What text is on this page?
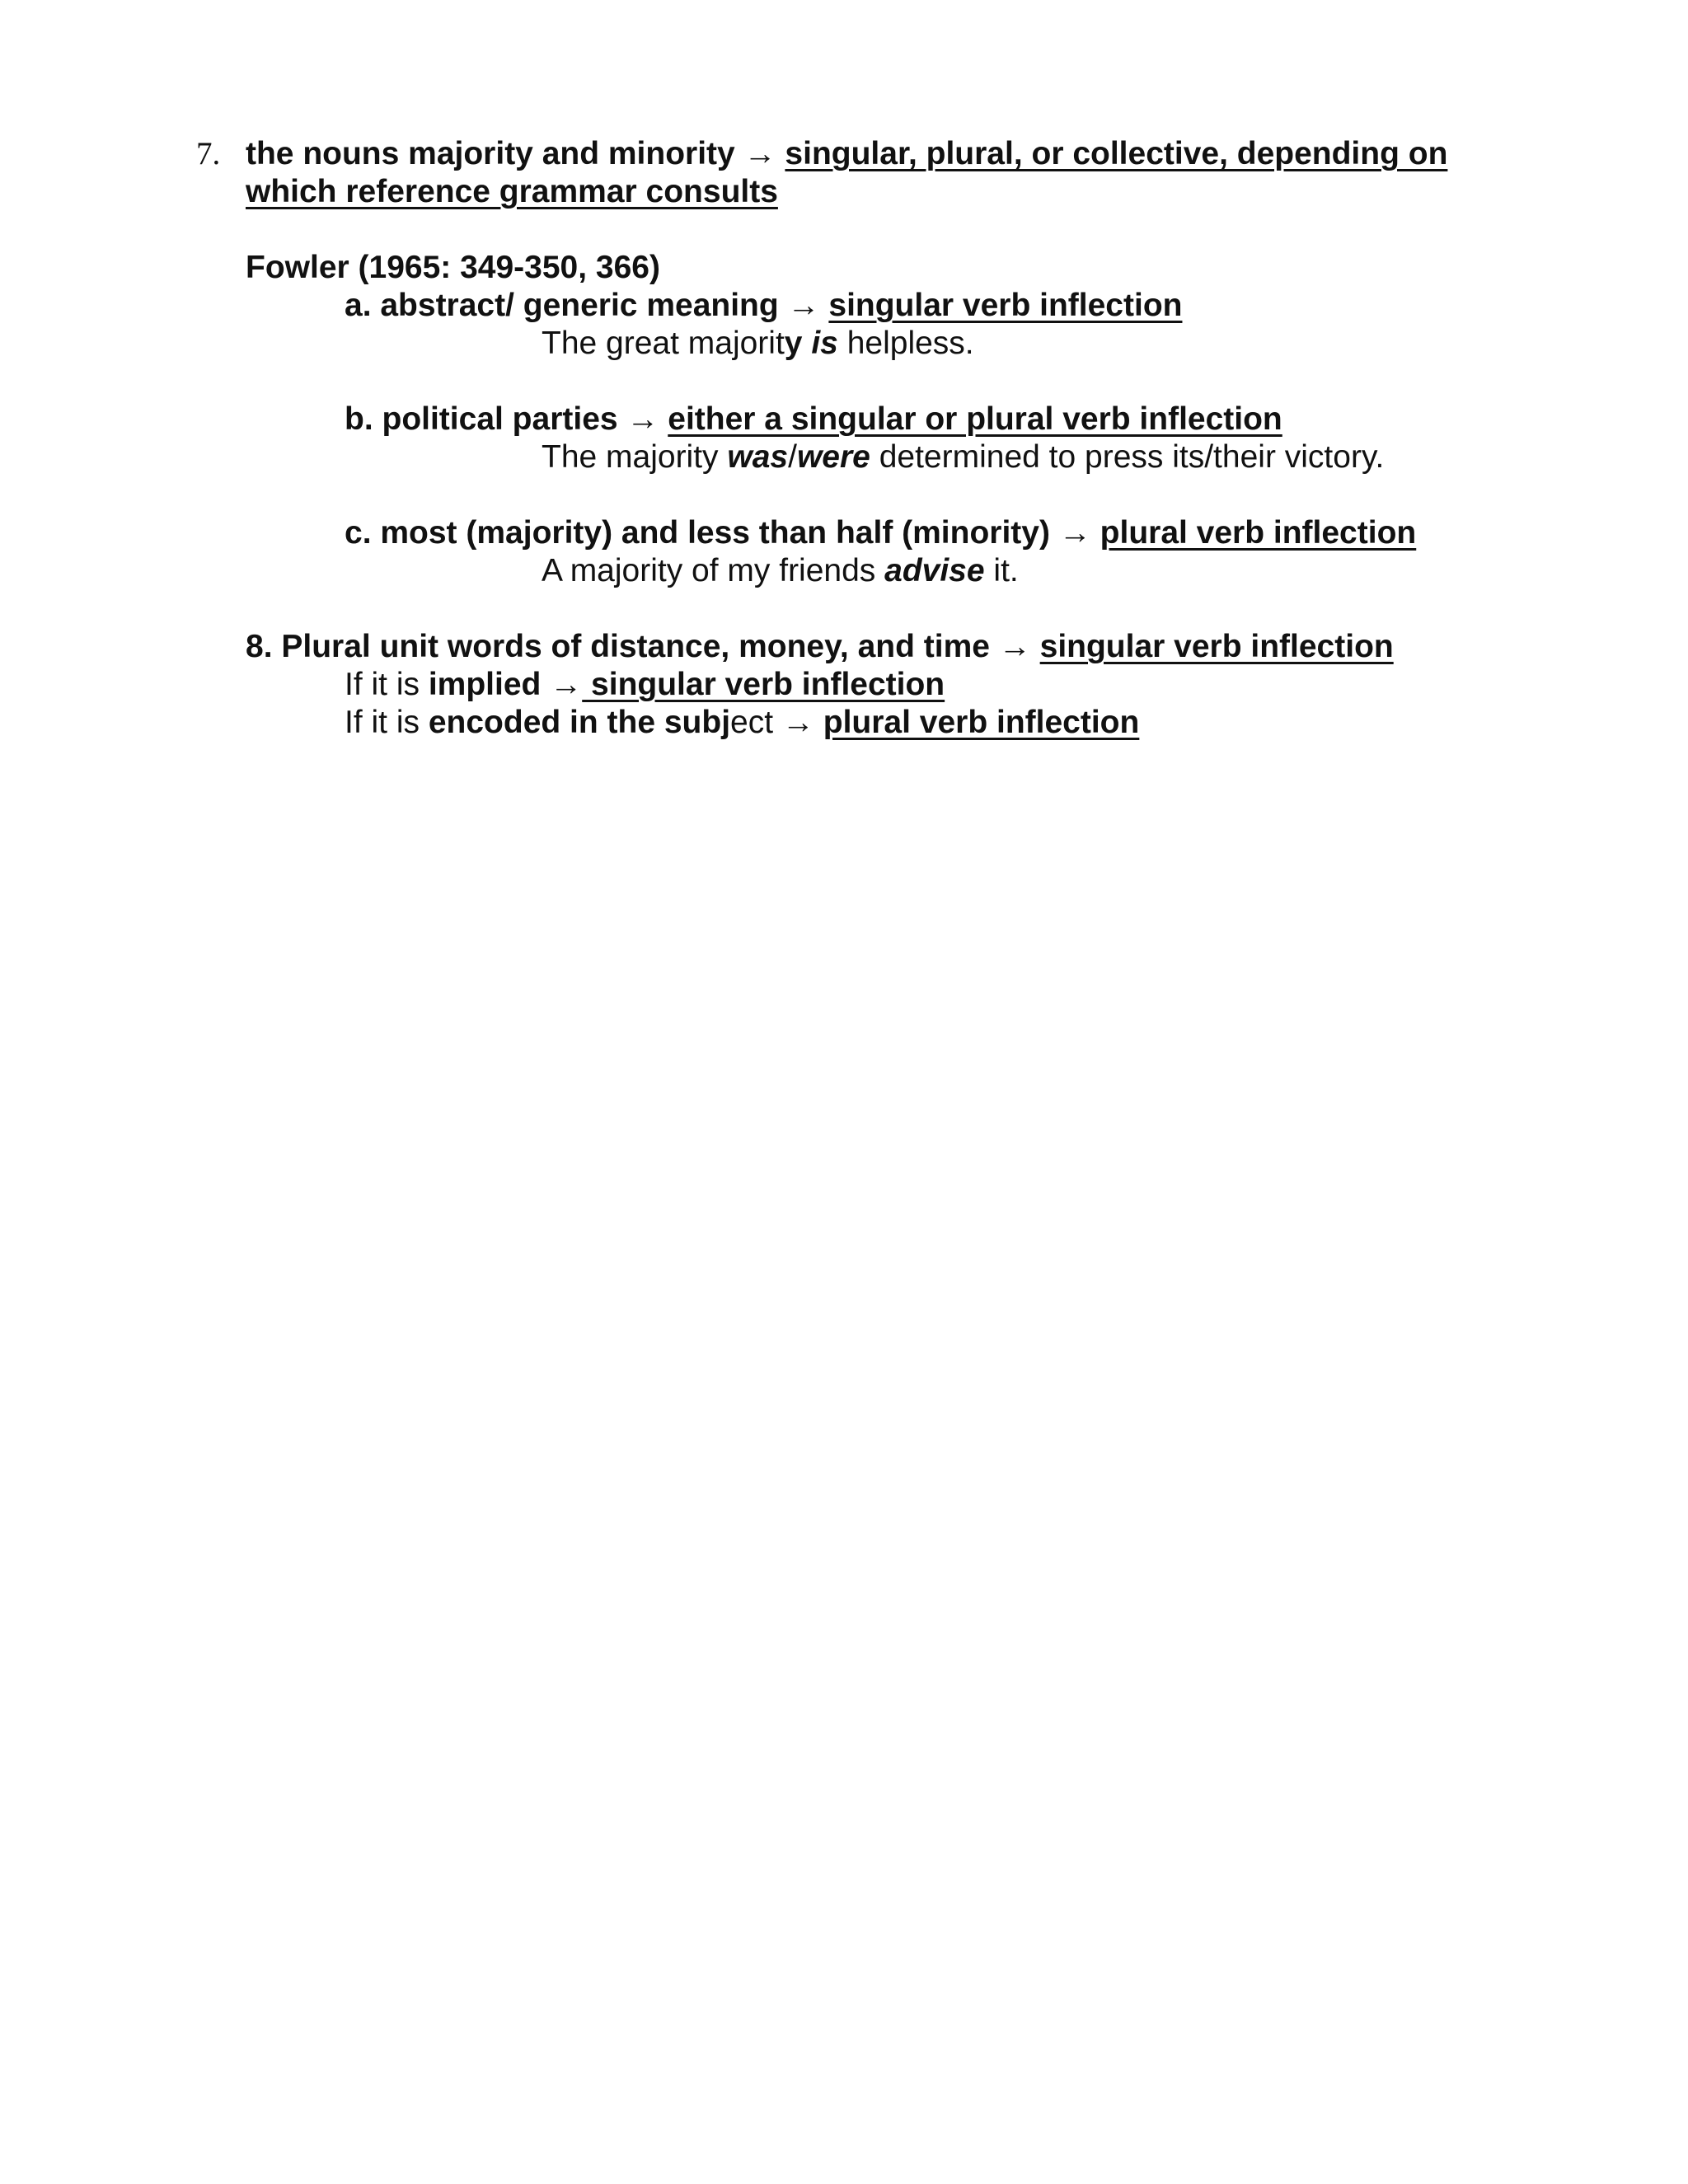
7. the nouns majority and minority → singular, plural, or collective, depending on
which reference grammar consults
Fowler (1965: 349-350, 366)
a. abstract/ generic meaning → singular verb inflection
The great majority is helpless.
b. political parties → either a singular or plural verb inflection
The majority was/were determined to press its/their victory.
c. most (majority) and less than half (minority) → plural verb inflection
A majority of my friends advise it.
8. Plural unit words of distance, money, and time → singular verb inflection
If it is implied → singular verb inflection
If it is encoded in the subject → plural verb inflection
